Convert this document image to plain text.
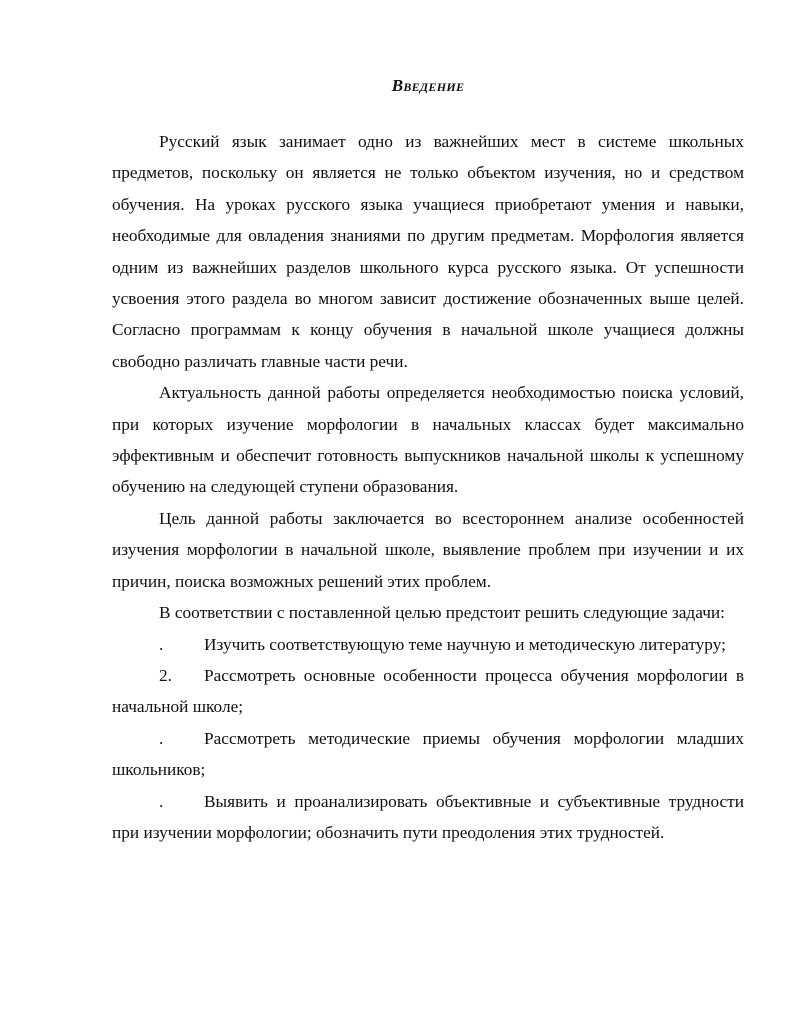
Введение

Русский язык занимает одно из важнейших мест в системе школьных предметов, поскольку он является не только объектом изучения, но и средством обучения. На уроках русского языка учащиеся приобретают умения и навыки, необходимые для овладения знаниями по другим предметам. Морфология является одним из важнейших разделов школьного курса русского языка. От успешности усвоения этого раздела во многом зависит достижение обозначенных выше целей. Согласно программам к концу обучения в начальной школе учащиеся должны свободно различать главные части речи.

Актуальность данной работы определяется необходимостью поиска условий, при которых изучение морфологии в начальных классах будет максимально эффективным и обеспечит готовность выпускников начальной школы к успешному обучению на следующей ступени образования.

Цель данной работы заключается во всестороннем анализе особенностей изучения морфологии в начальной школе, выявление проблем при изучении и их причин, поиска возможных решений этих проблем.

В соответствии с поставленной целью предстоит решить следующие задачи:

. Изучить соответствующую теме научную и методическую литературу;

2. Рассмотреть основные особенности процесса обучения морфологии в начальной школе;

. Рассмотреть методические приемы обучения морфологии младших школьников;

. Выявить и проанализировать объективные и субъективные трудности при изучении морфологии; обозначить пути преодоления этих трудностей.
